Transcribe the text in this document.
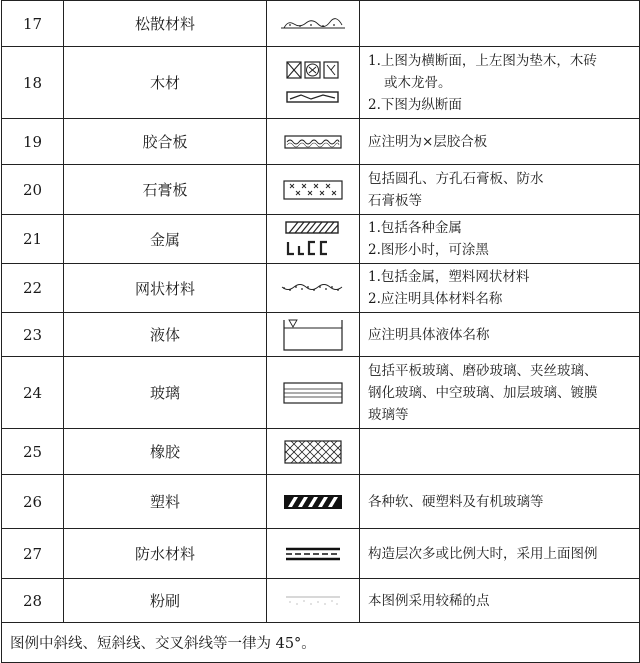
17	松散材料		
18	木材		1.上图为横断面，上左图为垫木，木砖
或木龙骨。
2.下图为纵断面

19	胶合板		应注明为×层胶合板

20	石膏板		包括圆孔、方孔石膏板、防水
石膏板等

21	金属		1.包括各种金属
2.图形小时，可涂黑

22	网状材料		1.包括金属，塑料网状材料
2.应注明具体材料名称

23	液体		应注明具体液体名称

24	玻璃		包括平板玻璃、磨砂玻璃、夹丝玻璃、
钢化玻璃、中空玻璃、加层玻璃、镀膜
玻璃等

25	橡胶		
26	塑料		各种软、硬塑料及有机玻璃等

27	防水材料		构造层次多或比例大时，采用上面图例

28	粉刷		本图例采用较稀的点

图例中斜线、短斜线、交叉斜线等一律为 45°。			
